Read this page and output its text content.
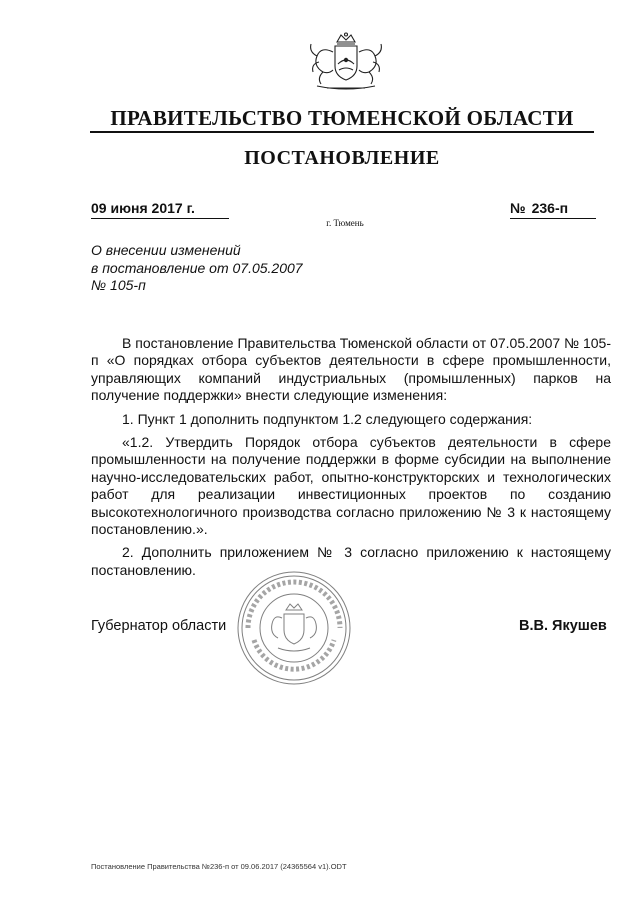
ПРАВИТЕЛЬСТВО ТЮМЕНСКОЙ ОБЛАСТИ
ПОСТАНОВЛЕНИЕ
09 июня 2017 г.	№ 236-п
г. Тюмень
О внесении изменений
в постановление от 07.05.2007
№ 105-п

В постановление Правительства Тюменской области от 07.05.2007 № 105-п «О порядках отбора субъектов деятельности в сфере промышленности, управляющих компаний индустриальных (промышленных) парков на получение поддержки» внести следующие изменения:

1. Пункт 1 дополнить подпунктом 1.2 следующего содержания:

«1.2. Утвердить Порядок отбора субъектов деятельности в сфере промышленности на получение поддержки в форме субсидии на выполнение научно-исследовательских работ, опытно-конструкторских и технологических работ для реализации инвестиционных проектов по созданию высокотехнологичного производства согласно приложению № 3 к настоящему постановлению.».

2. Дополнить приложением № 3 согласно приложению к настоящему постановлению.

Губернатор области	В.В. Якушев
Постановление Правительства №236-п от 09.06.2017 (24365564 v1).ODT
